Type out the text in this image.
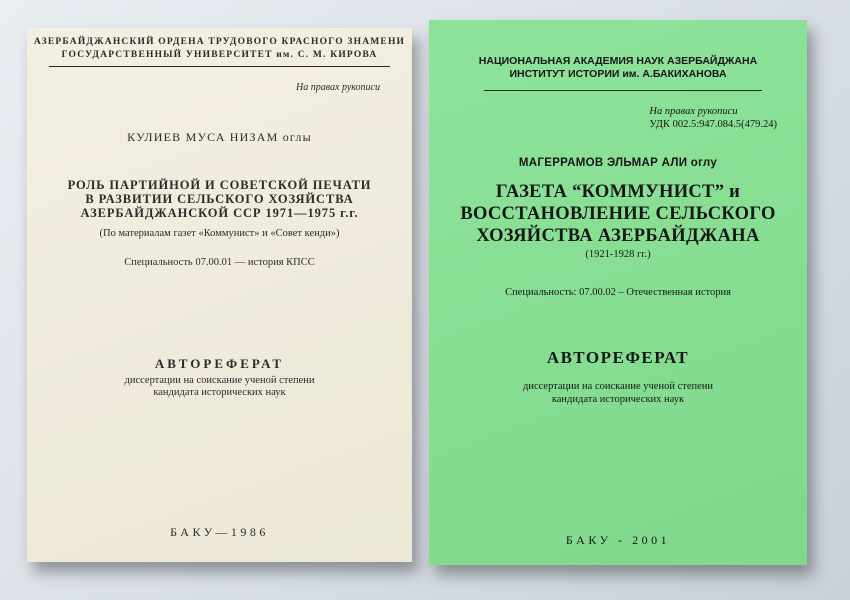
АЗЕРБАЙДЖАНСКИЙ ОРДЕНА ТРУДОВОГО КРАСНОГО ЗНАМЕНИ
ГОСУДАРСТВЕННЫЙ УНИВЕРСИТЕТ им. С. М. КИРОВА
На правах рукописи
КУЛИЕВ МУСА НИЗАМ оглы
РОЛЬ ПАРТИЙНОЙ И СОВЕТСКОЙ ПЕЧАТИ
В РАЗВИТИИ СЕЛЬСКОГО ХОЗЯЙСТВА
АЗЕРБАЙДЖАНСКОЙ ССР 1971—1975 г.г.
(По материалам газет «Коммунист» и «Совет кенди»)
Специальность 07.00.01 — история КПСС
АВТОРЕФЕРАТ
диссертации на соискание ученой степени
кандидата исторических наук
БАКУ—1986
НАЦИОНАЛЬНАЯ АКАДЕМИЯ НАУК АЗЕРБАЙДЖАНА
ИНСТИТУТ ИСТОРИИ им. А.БАКИХАНОВА
На правах рукописи
УДК 002.5:947.084.5(479.24)
МАГЕРРАМОВ ЭЛЬМАР АЛИ оглу
ГАЗЕТА “КОММУНИСТ” и
ВОССТАНОВЛЕНИЕ СЕЛЬСКОГО
ХОЗЯЙСТВА АЗЕРБАЙДЖАНА
(1921-1928 гг.)
Специальность: 07.00.02 – Отечественная история
АВТОРЕФЕРАТ
диссертации на соискание ученой степени
кандидата исторических наук
БАКУ - 2001
